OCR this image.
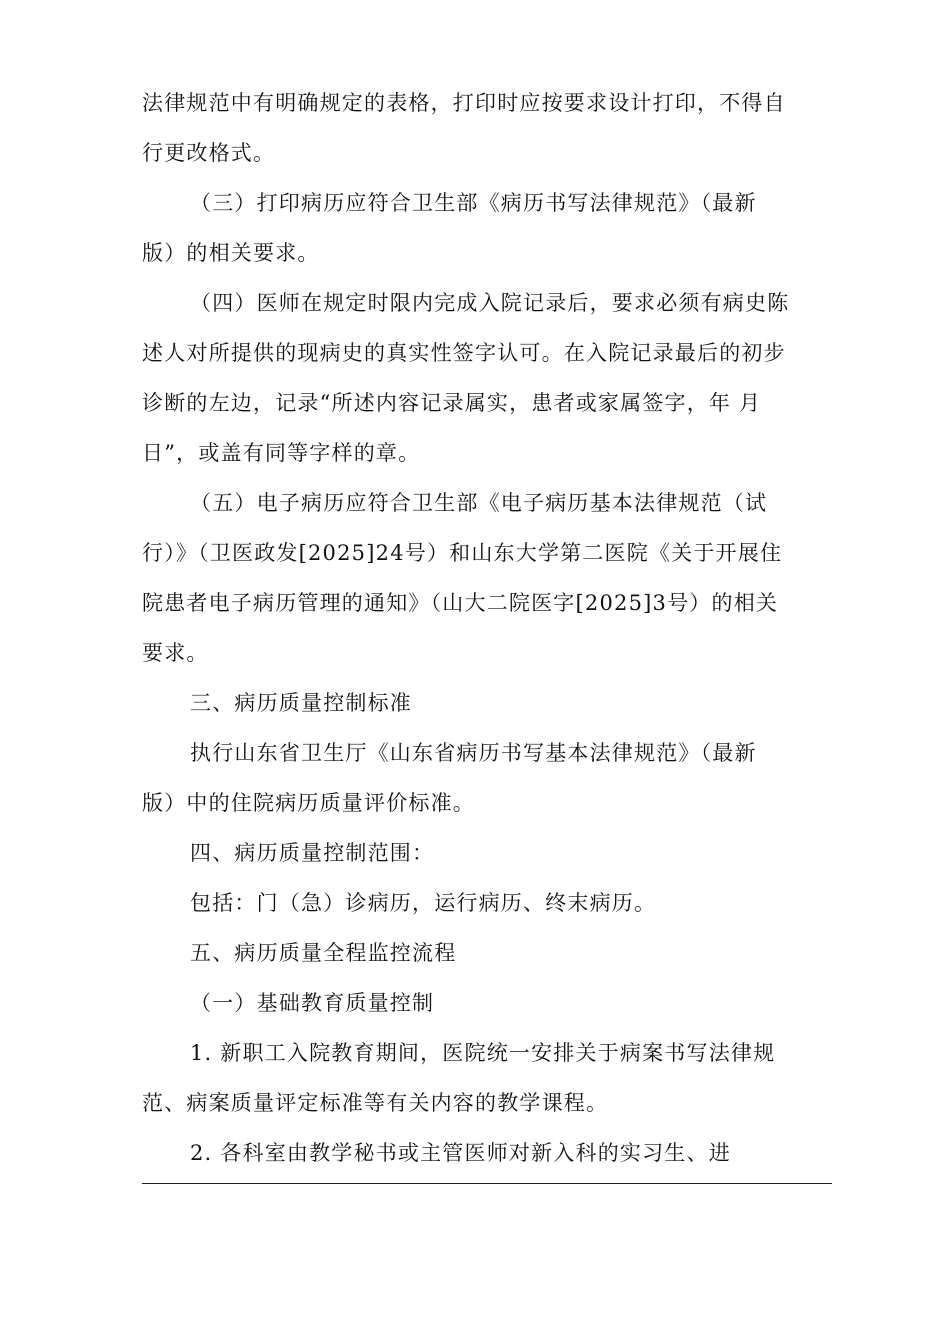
法律规范中有明确规定的表格，打印时应按要求设计打印，不得自
行更改格式。
（三）打印病历应符合卫生部《病历书写法律规范》（最新
版）的相关要求。
（四）医师在规定时限内完成入院记录后，要求必须有病史陈
述人对所提供的现病史的真实性签字认可。在入院记录最后的初步
诊断的左边，记录“所述内容记录属实，患者或家属签字，年 月
日”，或盖有同等字样的章。
（五）电子病历应符合卫生部《电子病历基本法律规范（试
行）》（卫医政发[2025]24号）和山东大学第二医院《关于开展住
院患者电子病历管理的通知》（山大二院医字[2025]3号）的相关
要求。
三、病历质量控制标准
执行山东省卫生厅《山东省病历书写基本法律规范》（最新
版）中的住院病历质量评价标准。
四、病历质量控制范围：
包括：门（急）诊病历，运行病历、终末病历。
五、病历质量全程监控流程
（一）基础教育质量控制
1. 新职工入院教育期间，医院统一安排关于病案书写法律规
范、病案质量评定标准等有关内容的教学课程。
2. 各科室由教学秘书或主管医师对新入科的实习生、进
